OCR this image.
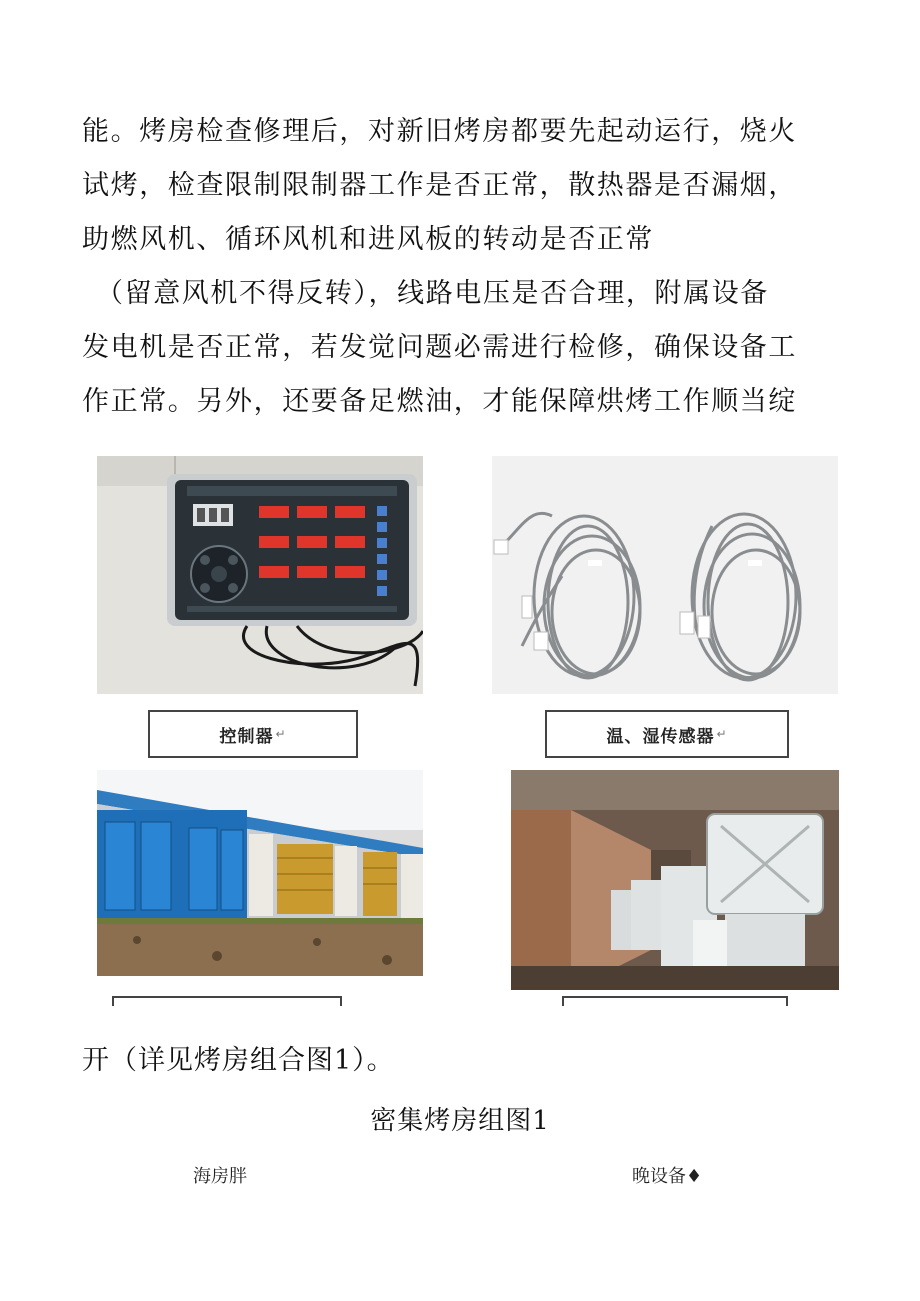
能。烤房检查修理后，对新旧烤房都要先起动运行，烧火
试烤，检查限制限制器工作是否正常，散热器是否漏烟，
助燃风机、循环风机和进风板的转动是否正常
（留意风机不得反转），线路电压是否合理，附属设备
发电机是否正常，若发觉问题必需进行检修，确保设备工
作正常。另外，还要备足燃油，才能保障烘烤工作顺当绽
控制器 ↵	温、湿传感器 ↵
开（详见烤房组合图1）。
密集烤房组图1
海房胖	晚设备♦
